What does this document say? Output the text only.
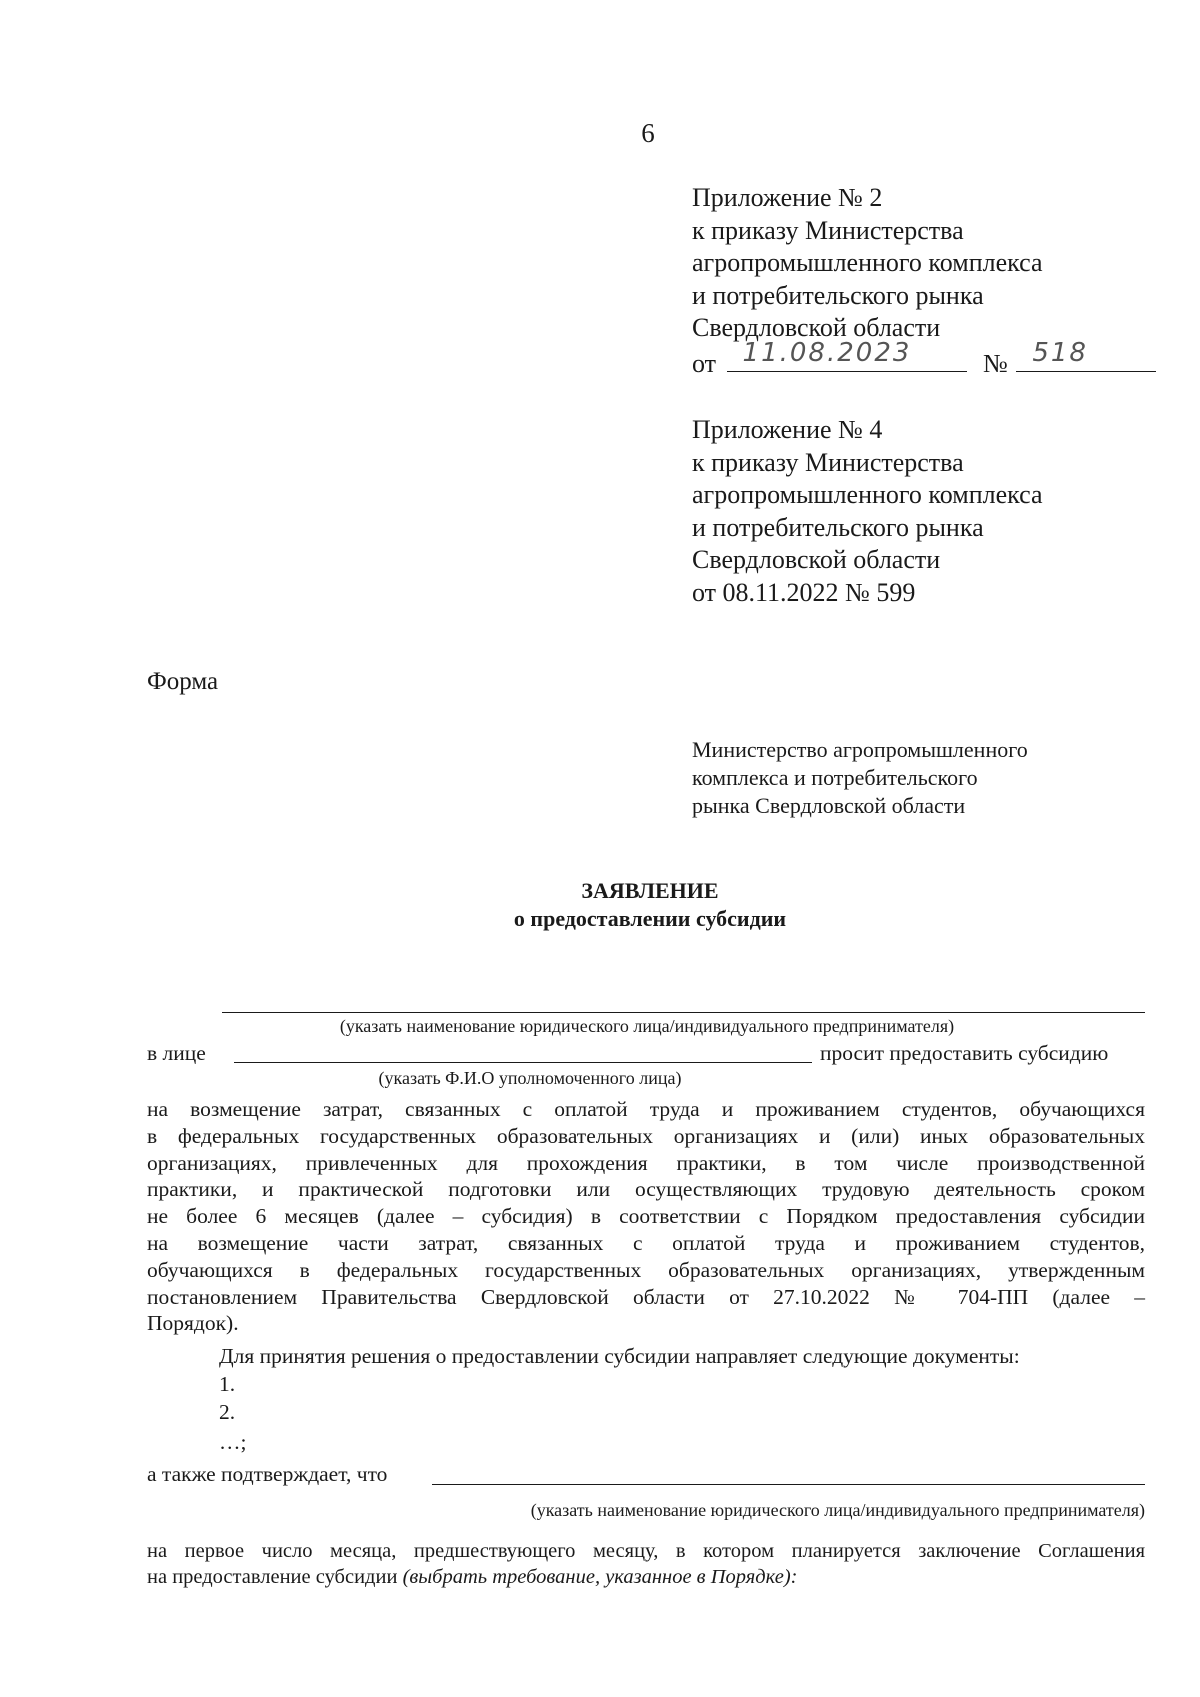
6
Приложение № 2
к приказу Министерства
агропромышленного комплекса
и потребительского рынка
Свердловской области
от 11.08.2023	№ 518
Приложение № 4
к приказу Министерства
агропромышленного комплекса
и потребительского рынка
Свердловской области
от 08.11.2022 № 599
Форма
Министерство агропромышленного
комплекса и потребительского
рынка Свердловской области
ЗАЯВЛЕНИЕ
о предоставлении субсидии
(указать наименование юридического лица/индивидуального предпринимателя)
в лице	просит предоставить субсидию
(указать Ф.И.О уполномоченного лица)
на возмещение затрат, связанных с оплатой труда и проживанием студентов, обучающихся
в федеральных государственных образовательных организациях и (или) иных образовательных
организациях, привлеченных для прохождения практики, в том числе производственной
практики, и практической подготовки или осуществляющих трудовую деятельность сроком
не более 6 месяцев (далее – субсидия) в соответствии с Порядком предоставления субсидии
на возмещение части затрат, связанных с оплатой труда и проживанием студентов,
обучающихся в федеральных государственных образовательных организациях, утвержденным
постановлением Правительства Свердловской области от 27.10.2022 № 704-ПП (далее –
Порядок).
Для принятия решения о предоставлении субсидии направляет следующие документы:
1.
2.
…;
а также подтверждает, что
(указать наименование юридического лица/индивидуального предпринимателя)
на первое число месяца, предшествующего месяцу, в котором планируется заключение Соглашения
на предоставление субсидии (выбрать требование, указанное в Порядке):
